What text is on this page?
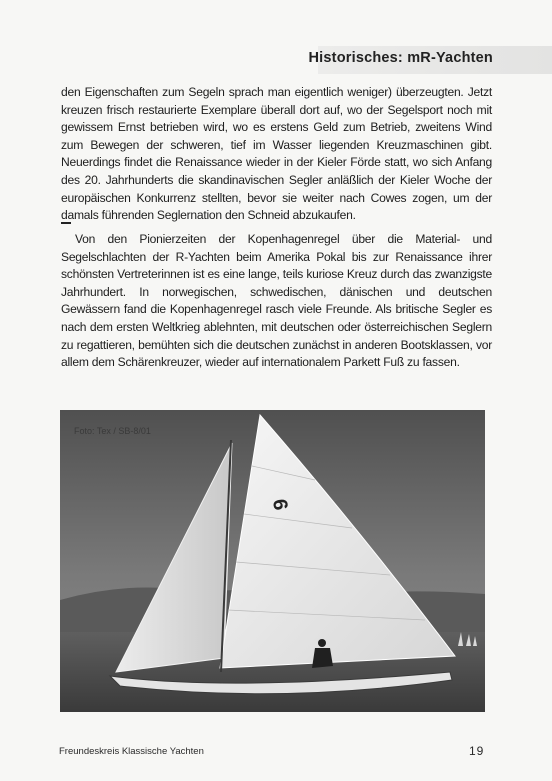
Historisches: mR-Yachten

den Eigenschaften zum Segeln sprach man eigentlich weniger) überzeugten. Jetzt kreuzen frisch restaurierte Exemplare überall dort auf, wo der Segelsport noch mit gewissem Ernst betrieben wird, wo es erstens Geld zum Betrieb, zweitens Wind zum Bewegen der schweren, tief im Wasser liegenden Kreuzmaschinen gibt. Neuerdings findet die Renaissance wieder in der Kieler Förde statt, wo sich Anfang des 20. Jahrhunderts die skandinavischen Segler anläßlich der Kieler Woche der europäischen Konkurrenz stellten, bevor sie weiter nach Cowes zogen, um der damals führenden Seglernation den Schneid abzukaufen.

Von den Pionierzeiten der Kopenhagenregel über die Material- und Segelschlachten der R-Yachten beim Amerika Pokal bis zur Renaissance ihrer schönsten Vertreterinnen ist es eine lange, teils kuriose Kreuz durch das zwanzigste Jahrhundert. In norwegischen, schwedischen, dänischen und deutschen Gewässern fand die Kopenhagenregel rasch viele Freunde. Als britische Segler es nach dem ersten Weltkrieg ablehnten, mit deutschen oder österreichischen Seglern zu regattieren, bemühten sich die deutschen zunächst in anderen Bootsklassen, vor allem dem Schärenkreuzer, wieder auf internationalem Parkett Fuß zu fassen.

6
Foto: Tex / SB-8/01
Freundeskreis Klassische Yachten	19
